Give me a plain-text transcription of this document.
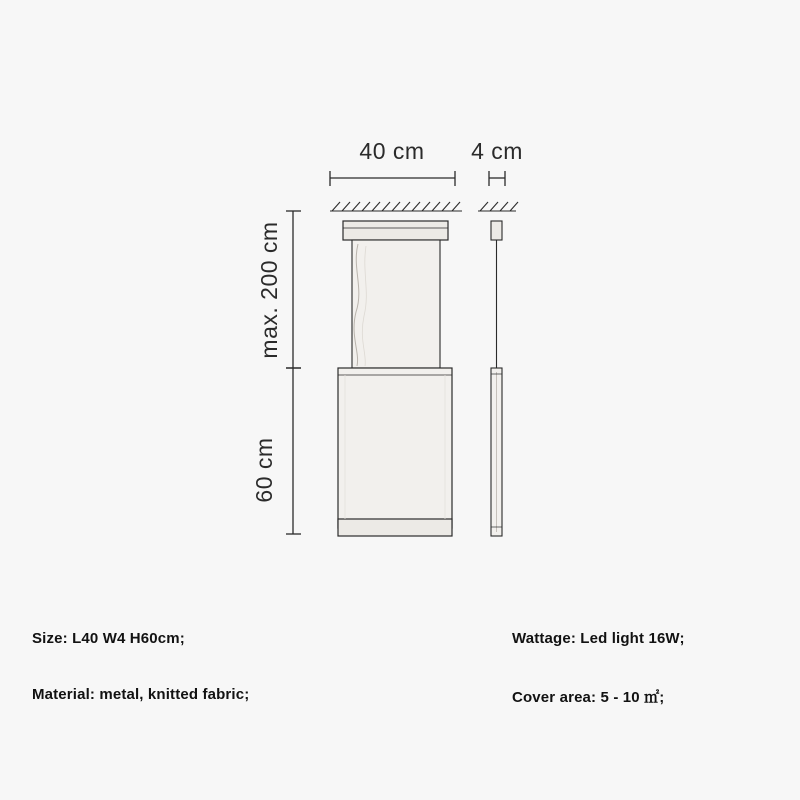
40 cm 4 cm
max. 200 cm
60 cm
Size: L40 W4 H60cm;	Wattage: Led light 16W;
Material: metal, knitted fabric;	Cover area: 5 - 10 ㎡;
